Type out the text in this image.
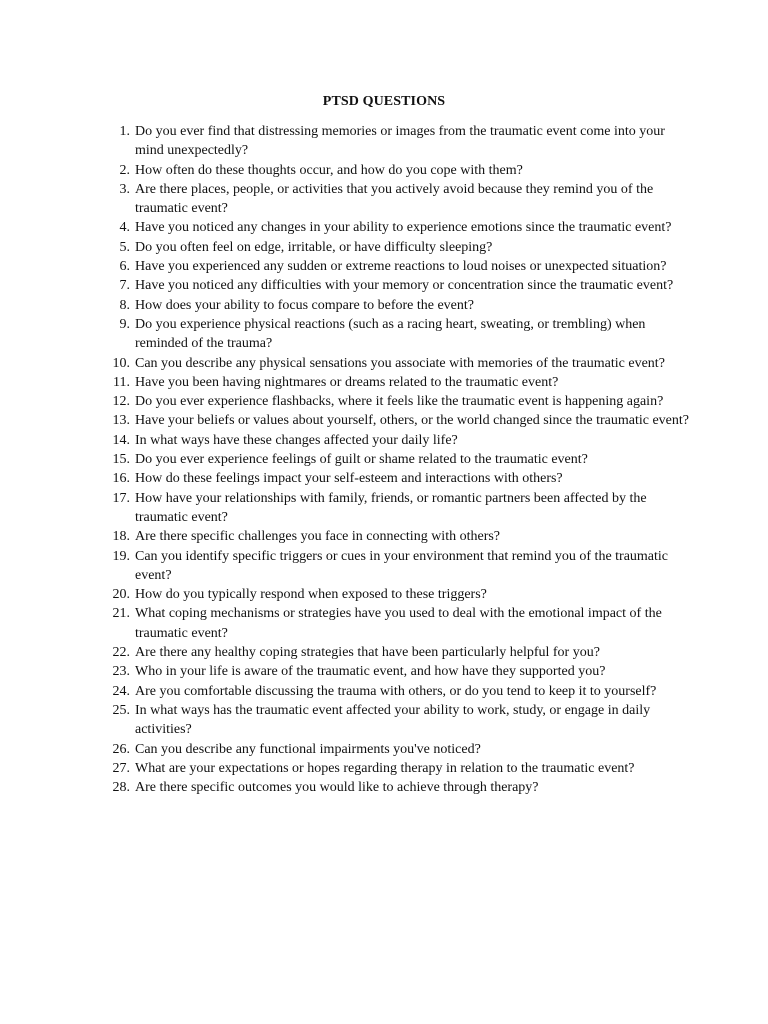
PTSD QUESTIONS
1. Do you ever find that distressing memories or images from the traumatic event come into your mind unexpectedly?
2. How often do these thoughts occur, and how do you cope with them?
3. Are there places, people, or activities that you actively avoid because they remind you of the traumatic event?
4. Have you noticed any changes in your ability to experience emotions since the traumatic event?
5. Do you often feel on edge, irritable, or have difficulty sleeping?
6. Have you experienced any sudden or extreme reactions to loud noises or unexpected situation?
7. Have you noticed any difficulties with your memory or concentration since the traumatic event?
8. How does your ability to focus compare to before the event?
9. Do you experience physical reactions (such as a racing heart, sweating, or trembling) when reminded of the trauma?
10. Can you describe any physical sensations you associate with memories of the traumatic event?
11. Have you been having nightmares or dreams related to the traumatic event?
12. Do you ever experience flashbacks, where it feels like the traumatic event is happening again?
13. Have your beliefs or values about yourself, others, or the world changed since the traumatic event?
14. In what ways have these changes affected your daily life?
15. Do you ever experience feelings of guilt or shame related to the traumatic event?
16. How do these feelings impact your self-esteem and interactions with others?
17. How have your relationships with family, friends, or romantic partners been affected by the traumatic event?
18. Are there specific challenges you face in connecting with others?
19. Can you identify specific triggers or cues in your environment that remind you of the traumatic event?
20. How do you typically respond when exposed to these triggers?
21. What coping mechanisms or strategies have you used to deal with the emotional impact of the traumatic event?
22. Are there any healthy coping strategies that have been particularly helpful for you?
23. Who in your life is aware of the traumatic event, and how have they supported you?
24. Are you comfortable discussing the trauma with others, or do you tend to keep it to yourself?
25. In what ways has the traumatic event affected your ability to work, study, or engage in daily activities?
26. Can you describe any functional impairments you've noticed?
27. What are your expectations or hopes regarding therapy in relation to the traumatic event?
28. Are there specific outcomes you would like to achieve through therapy?
